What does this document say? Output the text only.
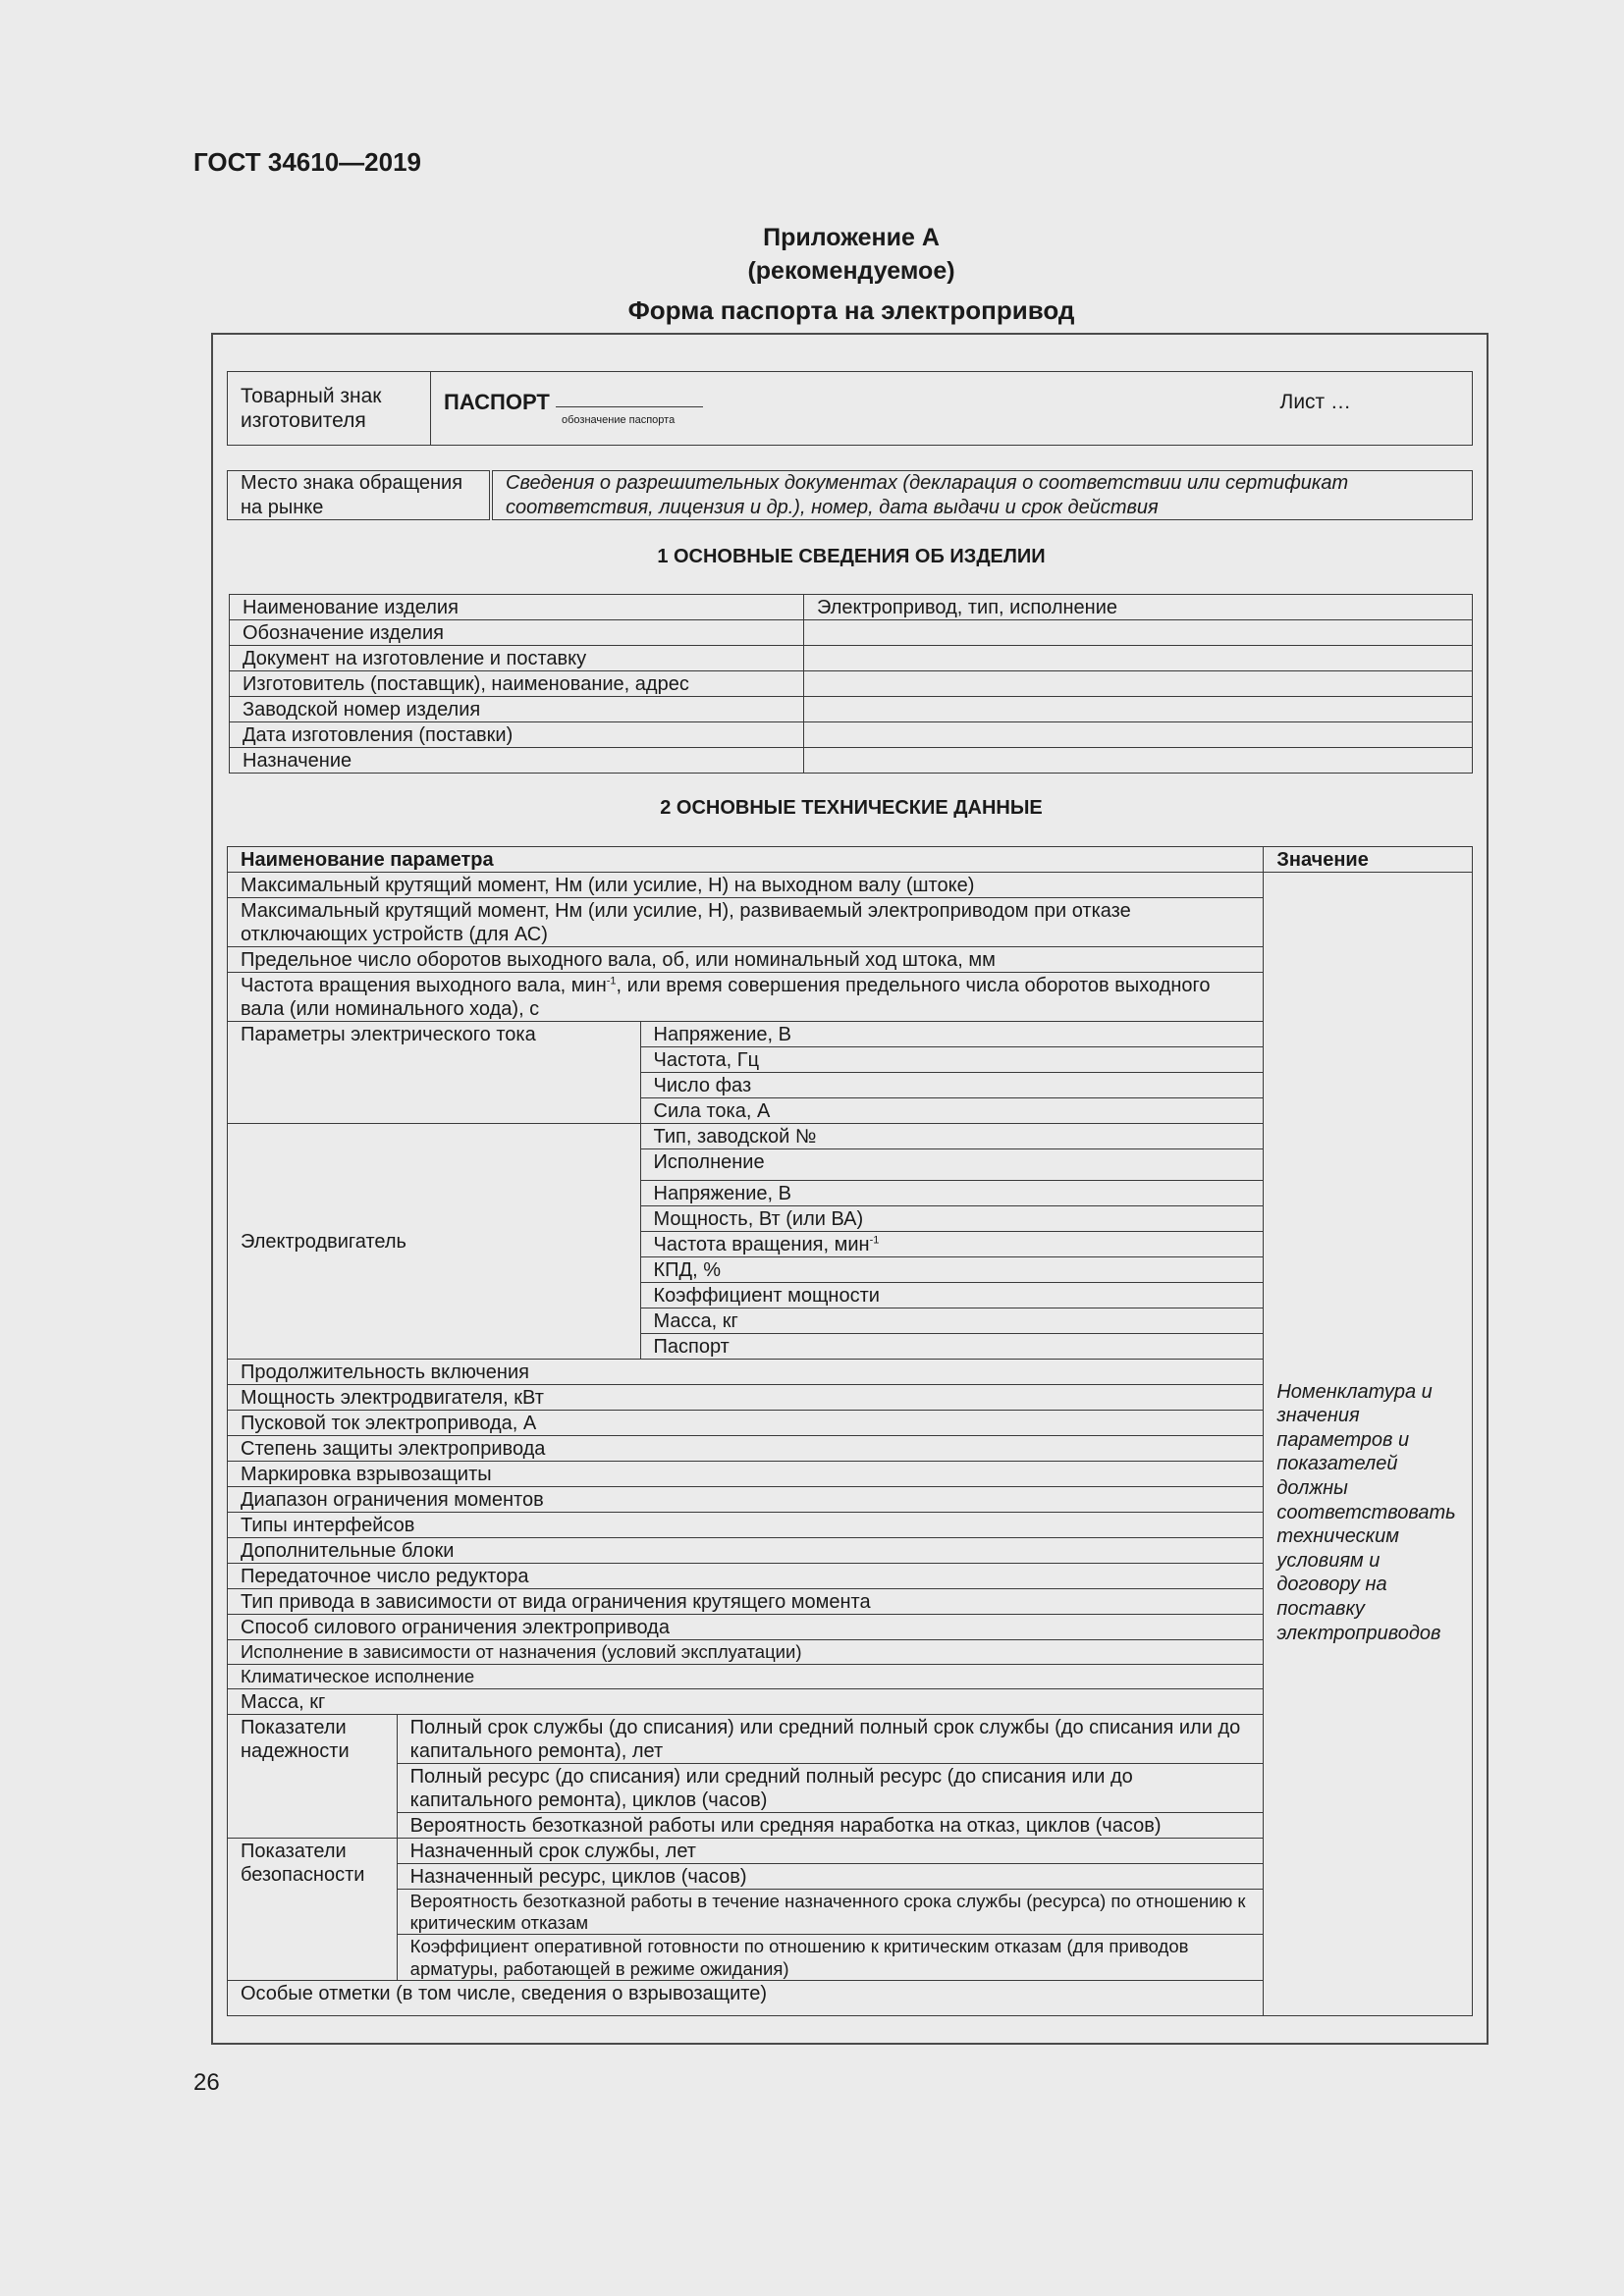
ГОСТ 34610—2019
Приложение А
(рекомендуемое)
Форма паспорта на электропривод
Товарный знак изготовителя	
Лист …
ПАСПОРТ
обозначение паспорта
Место знака обращения на рынке	Сведения о разрешительных документах (декларация о соответствии или сертификат соответствия, лицензия и др.), номер, дата выдачи и срок действия
1 ОСНОВНЫЕ СВЕДЕНИЯ ОБ ИЗДЕЛИИ
Наименование изделия	Электропривод, тип, исполнение
Обозначение изделия	
Документ на изготовление и поставку	
Изготовитель (поставщик), наименование, адрес	
Заводской номер изделия	
Дата изготовления (поставки)	
Назначение	
2 ОСНОВНЫЕ ТЕХНИЧЕСКИЕ ДАННЫЕ
Наименование параметра			Значение
Максимальный крутящий момент, Нм (или усилие, Н) на выходном валу (штоке)			Номенклатура и значения параметров и показателей должны соответствовать техническим условиям и договору на поставку электроприводов
Максимальный крутящий момент, Нм (или усилие, Н), развиваемый электроприводом при отказе отключающих устройств (для АС)			
Предельное число оборотов выходного вала, об, или номинальный ход штока, мм			
Частота вращения выходного вала, мин$^{-1}$, или время совершения предельного числа оборотов выходного вала (или номинального хода), с			
Параметры электрического тока		Напряжение, В	
		Частота, Гц	
		Число фаз	
		Сила тока, А	
Электродвигатель		Тип, заводской №	
		Исполнение	
		Напряжение, В	
		Мощность, Вт (или ВА)	
		Частота вращения, мин$^{-1}$
		КПД, %	
		Коэффициент мощности	
		Масса, кг	
		Паспорт	
Продолжительность включения			
Мощность электродвигателя, кВт			
Пусковой ток электропривода, А			
Степень защиты электропривода			
Маркировка взрывозащиты			
Диапазон ограничения моментов			
Типы интерфейсов			
Дополнительные блоки			
Передаточное число редуктора			
Тип привода в зависимости от вида ограничения крутящего момента			
Способ силового ограничения электропривода			
Исполнение в зависимости от назначения (условий эксплуатации)			
Климатическое исполнение			
Масса, кг			
Показатели надежности	Полный срок службы (до списания) или средний полный срок службы (до списания или до капитального ремонта), лет		
	Полный ресурс (до списания) или средний полный ресурс (до списания или до капитального ремонта), циклов (часов)		
	Вероятность безотказной работы или средняя наработка на отказ, циклов (часов)		
Показатели безопасности	Назначенный срок службы, лет		
	Назначенный ресурс, циклов (часов)		
	Вероятность безотказной работы в течение назначенного срока службы (ресурса) по отношению к критическим отказам		
	Коэффициент оперативной готовности по отношению к критическим отказам (для приводов арматуры, работающей в режиме ожидания)		
Особые отметки (в том числе, сведения о взрывозащите)			
26
